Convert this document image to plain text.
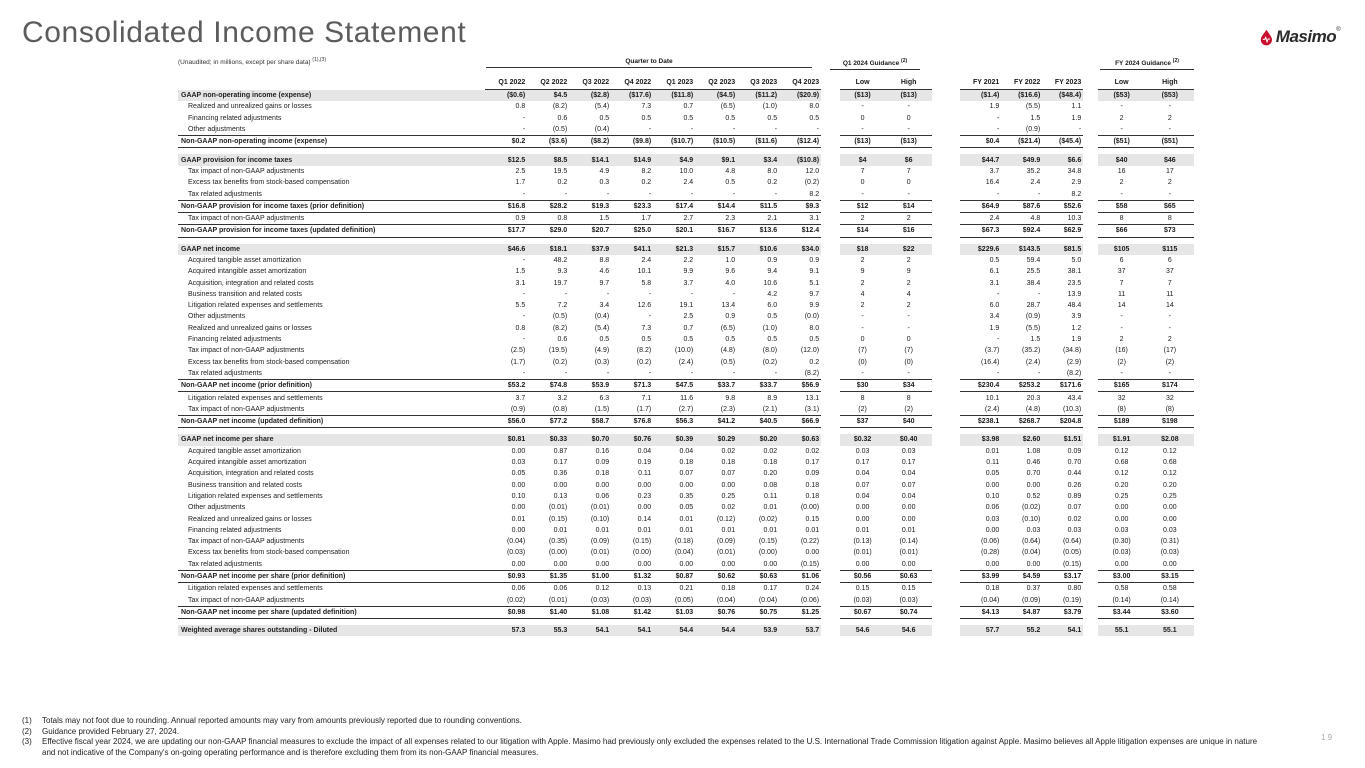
Consolidated Income Statement	Masimo®
(Unaudited; in millions, except per share data) $^{(1),(3)}$	Quarter to Date	Q1 2024 Guidance $^{(2)}$	FY 2024 Guidance $^{(2)}$
	Q1 2022	Q2 2022	Q3 2022	Q4 2022	Q1 2023	Q2 2023	Q3 2023	Q4 2023		Low	High		FY 2021	FY 2022	FY 2023		Low	High
GAAP non-operating income (expense)	($0.6)	$4.5	($2.8)	($17.6)	($11.8)	($4.5)	($11.2)	($20.9)		($13)	($13)		($1.4)	($16.6)	($48.4)		($53)	($53)
Realized and unrealized gains or losses	0.8	(8.2)	(5.4)	7.3	0.7	(6.5)	(1.0)	8.0		-	-		1.9	(5.5)	1.1		-	-
Financing related adjustments	-	0.6	0.5	0.5	0.5	0.5	0.5	0.5		0	0		-	1.5	1.9		2	2
Other adjustments	-	(0.5)	(0.4)	-	-	-	-	-		-	-		-	(0.9)	-		-	-
Non-GAAP non-operating income (expense)	$0.2	($3.6)	($8.2)	($9.8)	($10.7)	($10.5)	($11.6)	($12.4)		($13)	($13)		$0.4	($21.4)	($45.4)		($51)	($51)

GAAP provision for income taxes	$12.5	$8.5	$14.1	$14.9	$4.9	$9.1	$3.4	($10.8)		$4	$6		$44.7	$49.9	$6.6		$40	$46
Tax impact of non-GAAP adjustments	2.5	19.5	4.9	8.2	10.0	4.8	8.0	12.0		7	7		3.7	35.2	34.8		16	17
Excess tax benefits from stock-based compensation	1.7	0.2	0.3	0.2	2.4	0.5	0.2	(0.2)		0	0		16.4	2.4	2.9		2	2
Tax related adjustments	-	-	-	-	-	-	-	8.2		-	-		-	-	8.2		-	-
Non-GAAP provision for income taxes (prior definition)	$16.8	$28.2	$19.3	$23.3	$17.4	$14.4	$11.5	$9.3		$12	$14		$64.9	$87.6	$52.6		$58	$65
Tax impact of non-GAAP adjustments	0.9	0.8	1.5	1.7	2.7	2.3	2.1	3.1		2	2		2.4	4.8	10.3		8	8
Non-GAAP provision for income taxes (updated definition)	$17.7	$29.0	$20.7	$25.0	$20.1	$16.7	$13.6	$12.4		$14	$16		$67.3	$92.4	$62.9		$66	$73

GAAP net income	$46.6	$18.1	$37.9	$41.1	$21.3	$15.7	$10.6	$34.0		$18	$22		$229.6	$143.5	$81.5		$105	$115
Acquired tangible asset amortization	-	48.2	8.8	2.4	2.2	1.0	0.9	0.9		2	2		0.5	59.4	5.0		6	6
Acquired intangible asset amortization	1.5	9.3	4.6	10.1	9.9	9.6	9.4	9.1		9	9		6.1	25.5	38.1		37	37
Acquisition, integration and related costs	3.1	19.7	9.7	5.8	3.7	4.0	10.6	5.1		2	2		3.1	38.4	23.5		7	7
Business transition and related costs	-	-	-	-	-	-	4.2	9.7		4	4		-	-	13.9		11	11
Litigation related expenses and settlements	5.5	7.2	3.4	12.6	19.1	13.4	6.0	9.9		2	2		6.0	28.7	48.4		14	14
Other adjustments	-	(0.5)	(0.4)	-	2.5	0.9	0.5	(0.0)		-	-		3.4	(0.9)	3.9		-	-
Realized and unrealized gains or losses	0.8	(8.2)	(5.4)	7.3	0.7	(6.5)	(1.0)	8.0		-	-		1.9	(5.5)	1.2		-	-
Financing related adjustments	-	0.6	0.5	0.5	0.5	0.5	0.5	0.5		0	0		-	1.5	1.9		2	2
Tax impact of non-GAAP adjustments	(2.5)	(19.5)	(4.9)	(8.2)	(10.0)	(4.8)	(8.0)	(12.0)		(7)	(7)		(3.7)	(35.2)	(34.8)		(16)	(17)
Excess tax benefits from stock-based compensation	(1.7)	(0.2)	(0.3)	(0.2)	(2.4)	(0.5)	(0.2)	0.2		(0)	(0)		(16.4)	(2.4)	(2.9)		(2)	(2)
Tax related adjustments	-	-	-	-	-	-	-	(8.2)		-	-		-	-	(8.2)		-	-
Non-GAAP net income (prior definition)	$53.2	$74.8	$53.9	$71.3	$47.5	$33.7	$33.7	$56.9		$30	$34		$230.4	$253.2	$171.6		$165	$174
Litigation related expenses and settlements	3.7	3.2	6.3	7.1	11.6	9.8	8.9	13.1		8	8		10.1	20.3	43.4		32	32
Tax impact of non-GAAP adjustments	(0.9)	(0.8)	(1.5)	(1.7)	(2.7)	(2.3)	(2.1)	(3.1)		(2)	(2)		(2.4)	(4.8)	(10.3)		(8)	(8)
Non-GAAP net income (updated definition)	$56.0	$77.2	$58.7	$76.8	$56.3	$41.2	$40.5	$66.9		$37	$40		$238.1	$268.7	$204.8		$189	$198

GAAP net income per share	$0.81	$0.33	$0.70	$0.76	$0.39	$0.29	$0.20	$0.63		$0.32	$0.40		$3.98	$2.60	$1.51		$1.91	$2.08
Acquired tangible asset amortization	0.00	0.87	0.16	0.04	0.04	0.02	0.02	0.02		0.03	0.03		0.01	1.08	0.09		0.12	0.12
Acquired intangible asset amortization	0.03	0.17	0.09	0.19	0.18	0.18	0.18	0.17		0.17	0.17		0.11	0.46	0.70		0.68	0.68
Acquisition, integration and related costs	0.05	0.36	0.18	0.11	0.07	0.07	0.20	0.09		0.04	0.04		0.05	0.70	0.44		0.12	0.12
Business transition and related costs	0.00	0.00	0.00	0.00	0.00	0.00	0.08	0.18		0.07	0.07		0.00	0.00	0.26		0.20	0.20
Litigation related expenses and settlements	0.10	0.13	0.06	0.23	0.35	0.25	0.11	0.18		0.04	0.04		0.10	0.52	0.89		0.25	0.25
Other adjustments	0.00	(0.01)	(0.01)	0.00	0.05	0.02	0.01	(0.00)		0.00	0.00		0.06	(0.02)	0.07		0.00	0.00
Realized and unrealized gains or losses	0.01	(0.15)	(0.10)	0.14	0.01	(0.12)	(0.02)	0.15		0.00	0.00		0.03	(0.10)	0.02		0.00	0.00
Financing related adjustments	0.00	0.01	0.01	0.01	0.01	0.01	0.01	0.01		0.01	0.01		0.00	0.03	0.03		0.03	0.03
Tax impact of non-GAAP adjustments	(0.04)	(0.35)	(0.09)	(0.15)	(0.18)	(0.09)	(0.15)	(0.22)		(0.13)	(0.14)		(0.06)	(0.64)	(0.64)		(0.30)	(0.31)
Excess tax benefits from stock-based compensation	(0.03)	(0.00)	(0.01)	(0.00)	(0.04)	(0.01)	(0.00)	0.00		(0.01)	(0.01)		(0.28)	(0.04)	(0.05)		(0.03)	(0.03)
Tax related adjustments	0.00	0.00	0.00	0.00	0.00	0.00	0.00	(0.15)		0.00	0.00		0.00	0.00	(0.15)		0.00	0.00
Non-GAAP net income per share (prior definition)	$0.93	$1.35	$1.00	$1.32	$0.87	$0.62	$0.63	$1.06		$0.56	$0.63		$3.99	$4.59	$3.17		$3.00	$3.15
Litigation related expenses and settlements	0.06	0.06	0.12	0.13	0.21	0.18	0.17	0.24		0.15	0.15		0.18	0.37	0.80		0.58	0.58
Tax impact of non-GAAP adjustments	(0.02)	(0.01)	(0.03)	(0.03)	(0.05)	(0.04)	(0.04)	(0.06)		(0.03)	(0.03)		(0.04)	(0.09)	(0.19)		(0.14)	(0.14)
Non-GAAP net income per share (updated definition)	$0.98	$1.40	$1.08	$1.42	$1.03	$0.76	$0.75	$1.25		$0.67	$0.74		$4.13	$4.87	$3.79		$3.44	$3.60

Weighted average shares outstanding - Diluted	57.3	55.3	54.1	54.1	54.4	54.4	53.9	53.7		54.6	54.6		57.7	55.2	54.1		55.1	55.1
(1)	Totals may not foot due to rounding. Annual reported amounts may vary from amounts previously reported due to rounding conventions.
(2)	Guidance provided February 27, 2024.
(3)	Effective fiscal year 2024, we are updating our non-GAAP financial measures to exclude the impact of all expenses related to our litigation with Apple. Masimo had previously only excluded the expenses related to the U.S. International Trade Commission litigation against Apple. Masimo believes all Apple litigation expenses are unique in nature and not indicative of the Company's on-going operating performance and is therefore excluding them from its non-GAAP financial measures.
1 9
